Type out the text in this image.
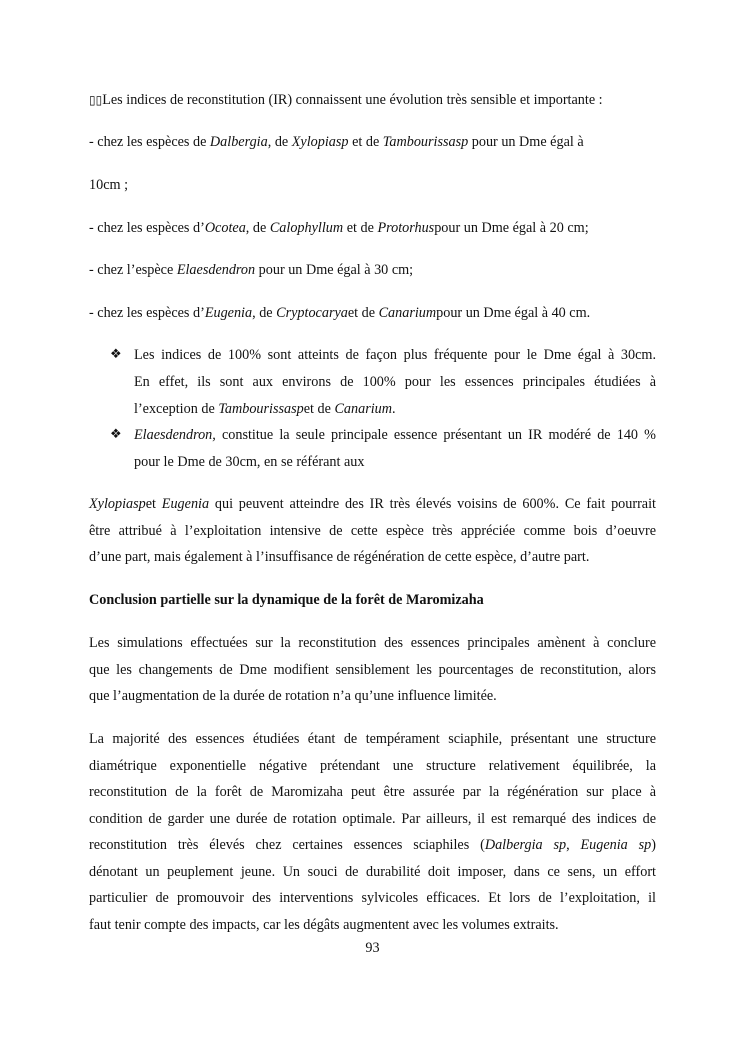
▯▯Les indices de reconstitution (IR) connaissent une évolution très sensible et importante :
- chez les espèces de Dalbergia, de Xylopiasp et de Tambourissasp pour un Dme égal à
10cm ;
- chez les espèces d’Ocotea, de Calophyllum et de Protorhuspour un Dme égal à 20 cm;
- chez l’espèce Elaesdendron pour un Dme égal à 30 cm;
- chez les espèces d’Eugenia, de Cryptocaryaet de Canariumpour un Dme égal à 40 cm.
❖ Les indices de 100% sont atteints de façon plus fréquente pour le Dme égal à 30cm.
En effet, ils sont aux environs de 100% pour les essences principales étudiées à
l’exception de Tambourissaspet de Canarium.
❖ Elaesdendron, constitue la seule principale essence présentant un IR modéré de 140 %
pour le Dme de 30cm, en se référant aux
Xylopiaspet Eugenia qui peuvent atteindre des IR très élevés voisins de 600%. Ce fait pourrait
être attribué à l’exploitation intensive de cette espèce très appréciée comme bois d’oeuvre
d’une part, mais également à l’insuffisance de régénération de cette espèce, d’autre part.
Conclusion partielle sur la dynamique de la forêt de Maromizaha
Les simulations effectuées sur la reconstitution des essences principales amènent à conclure
que les changements de Dme modifient sensiblement les pourcentages de reconstitution, alors
que l’augmentation de la durée de rotation n’a qu’une influence limitée.
La majorité des essences étudiées étant de tempérament sciaphile, présentant une structure
diamétrique exponentielle négative prétendant une structure relativement équilibrée, la
reconstitution de la forêt de Maromizaha peut être assurée par la régénération sur place à
condition de garder une durée de rotation optimale. Par ailleurs, il est remarqué des indices de
reconstitution très élevés chez certaines essences sciaphiles (Dalbergia sp, Eugenia sp)
dénotant un peuplement jeune. Un souci de durabilité doit imposer, dans ce sens, un effort
particulier de promouvoir des interventions sylvicoles efficaces. Et lors de l’exploitation, il
faut tenir compte des impacts, car les dégâts augmentent avec les volumes extraits.
93
